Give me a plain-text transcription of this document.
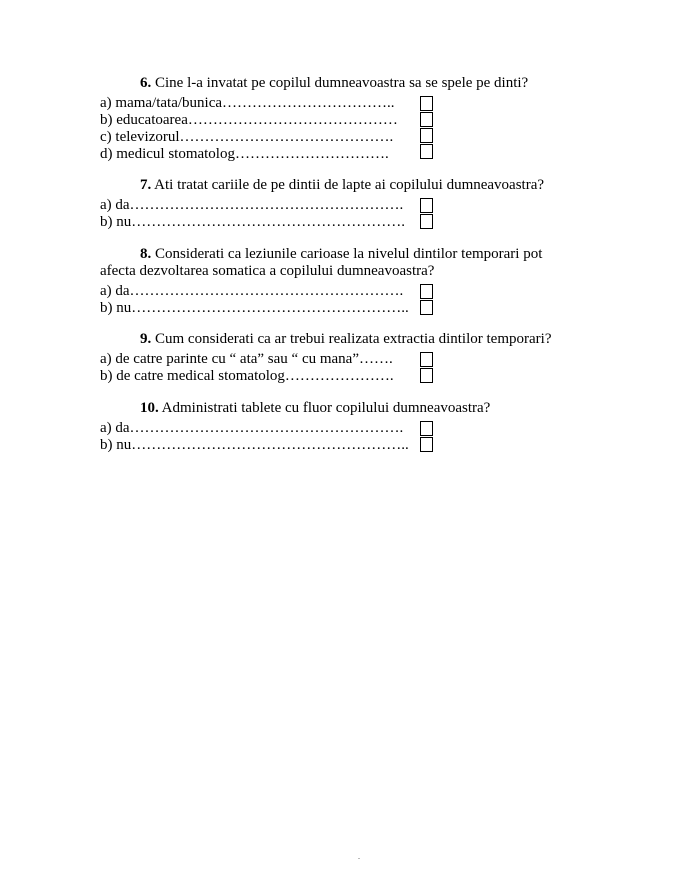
6. Cine l-a invatat pe copilul dumneavoastra sa se spele pe dinti?

a) mama/tata/bunica……………………………..
b) educatoarea……………………………………
c) televizorul…………………………………….
d) medicul stomatolog………………………….

7. Ati tratat cariile de pe dintii de lapte ai copilului dumneavoastra?

a) da……………………………………………….
b) nu……………………………………………….

8. Considerati ca leziunile carioase la nivelul dintilor temporari pot afecta dezvoltarea somatica a copilului dumneavoastra?

a) da……………………………………………….
b) nu………………………………………………..

9. Cum considerati ca ar trebui realizata extractia dintilor temporari?

a) de catre parinte cu “ ata” sau “ cu mana”…….
b) de catre medical stomatolog………………….

10. Administrati tablete cu fluor copilului dumneavoastra?

a) da……………………………………………….
b) nu………………………………………………..
